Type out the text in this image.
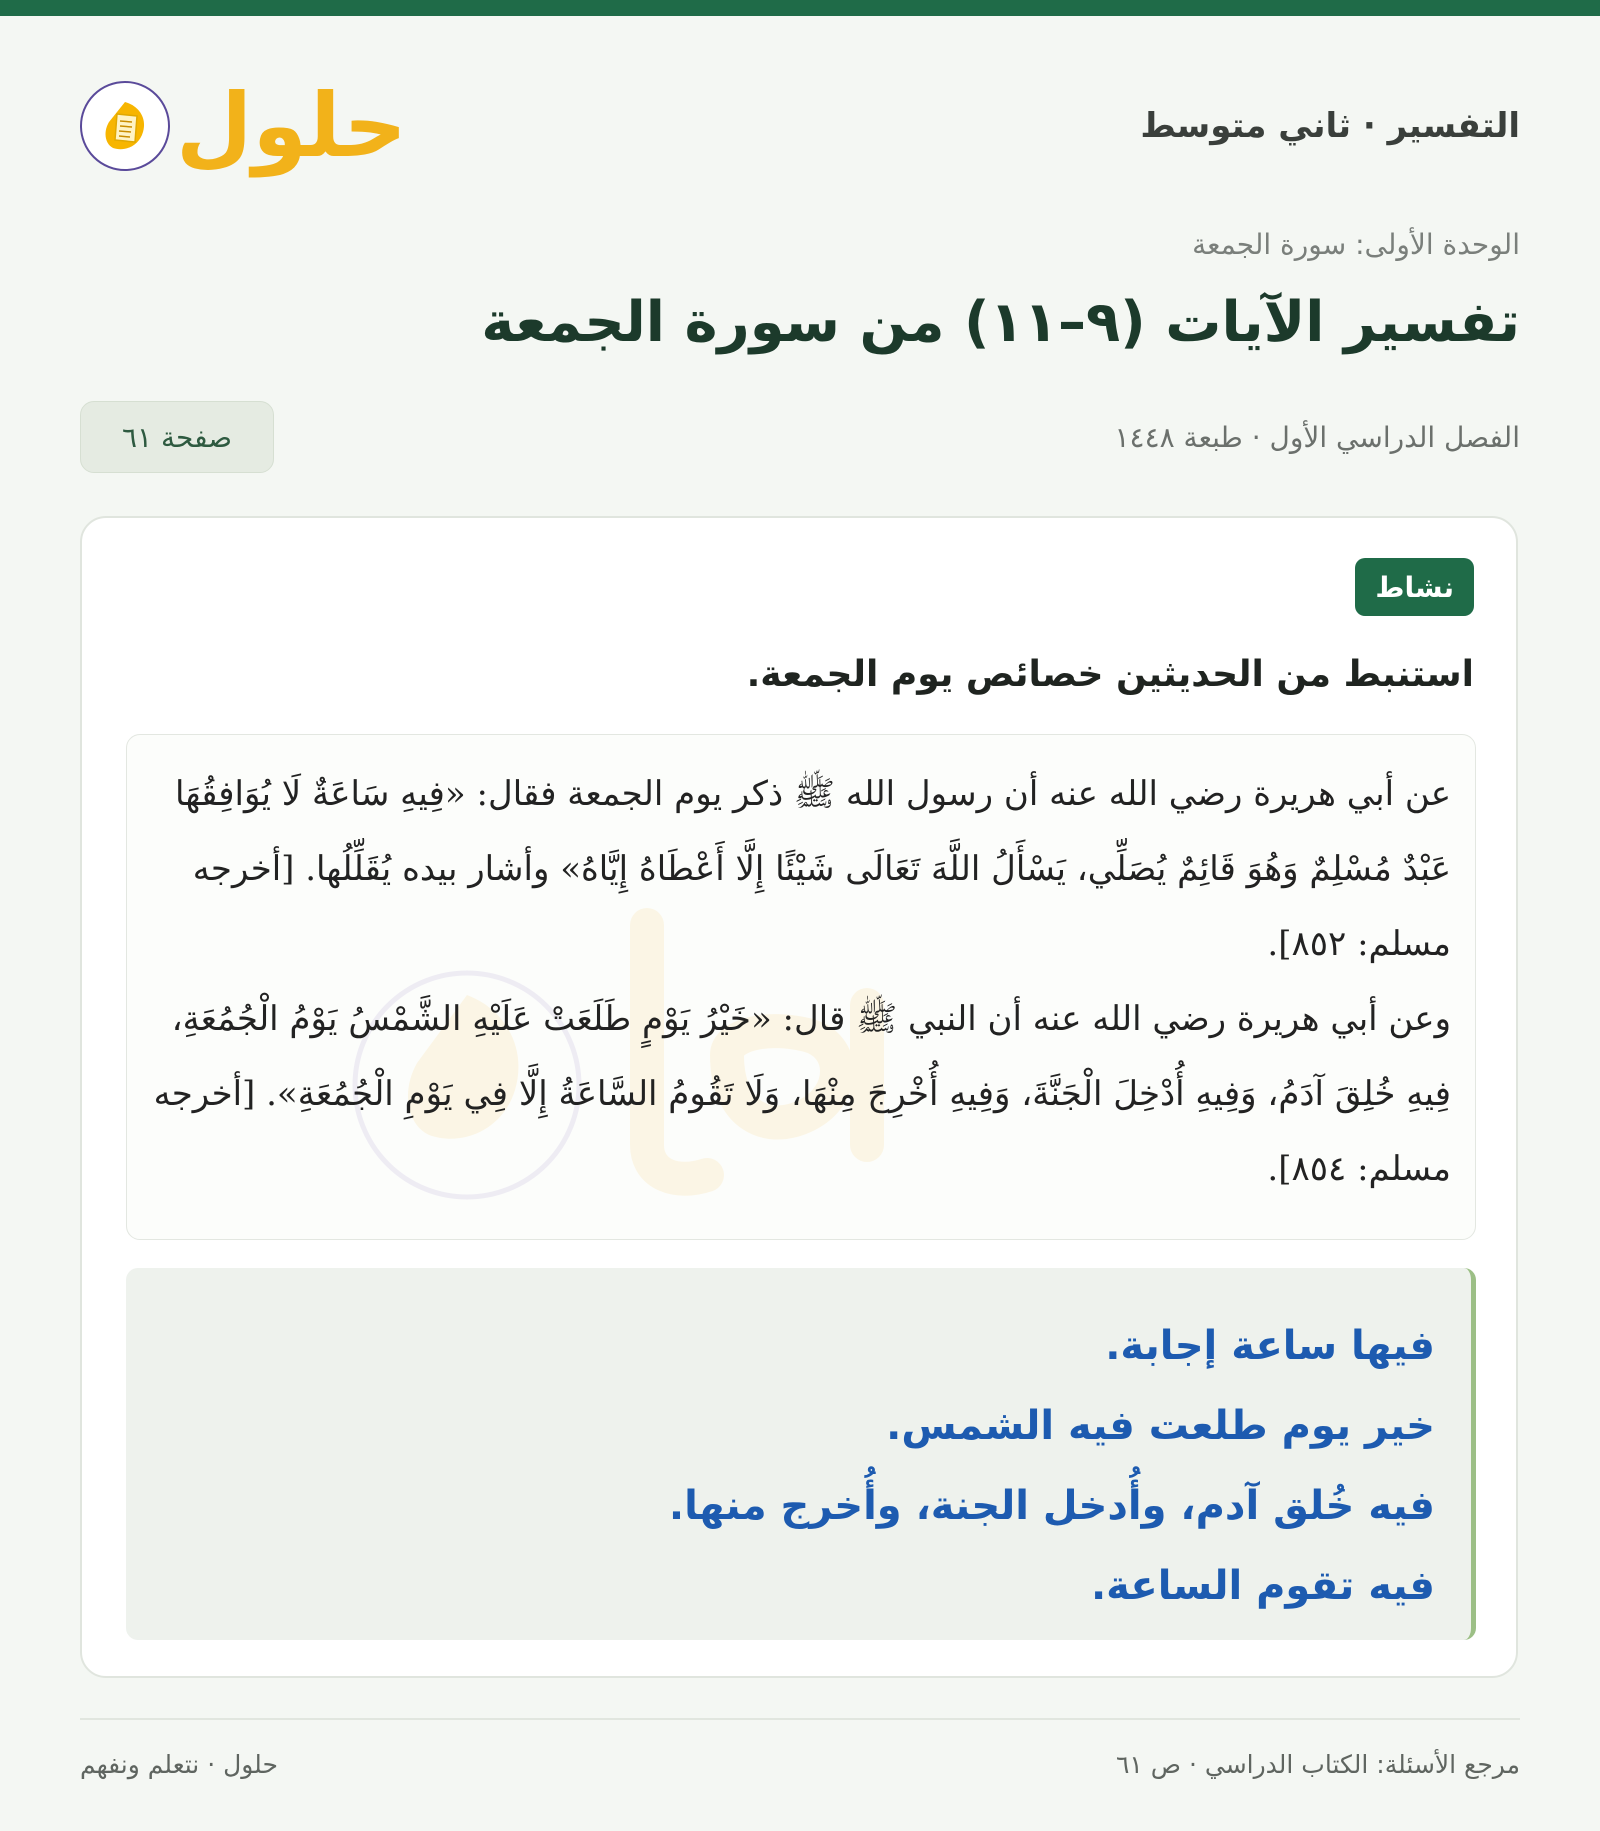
التفسير · ثاني متوسط
حلول
الوحدة الأولى: سورة الجمعة
تفسير الآيات (٩–١١) من سورة الجمعة
الفصل الدراسي الأول · طبعة ١٤٤٨
صفحة ٦١
نشاط
استنبط من الحديثين خصائص يوم الجمعة.

عن أبي هريرة رضي الله عنه أن رسول الله ﷺ ذكر يوم الجمعة فقال: «فِيهِ سَاعَةٌ لَا يُوَافِقُهَا عَبْدٌ مُسْلِمٌ وَهُوَ قَائِمٌ يُصَلِّي، يَسْأَلُ اللَّهَ تَعَالَى شَيْئًا إِلَّا أَعْطَاهُ إِيَّاهُ» وأشار بيده يُقَلِّلُها. [أخرجه مسلم: ٨٥٢].

وعن أبي هريرة رضي الله عنه أن النبي ﷺ قال: «خَيْرُ يَوْمٍ طَلَعَتْ عَلَيْهِ الشَّمْسُ يَوْمُ الْجُمُعَةِ، فِيهِ خُلِقَ آدَمُ، وَفِيهِ أُدْخِلَ الْجَنَّةَ، وَفِيهِ أُخْرِجَ مِنْهَا، وَلَا تَقُومُ السَّاعَةُ إِلَّا فِي يَوْمِ الْجُمُعَةِ». [أخرجه مسلم: ٨٥٤].

فيها ساعة إجابة.

خير يوم طلعت فيه الشمس.

فيه خُلق آدم، وأُدخل الجنة، وأُخرج منها.

فيه تقوم الساعة.

مرجع الأسئلة: الكتاب الدراسي · ص ٦١
حلول · نتعلم ونفهم
